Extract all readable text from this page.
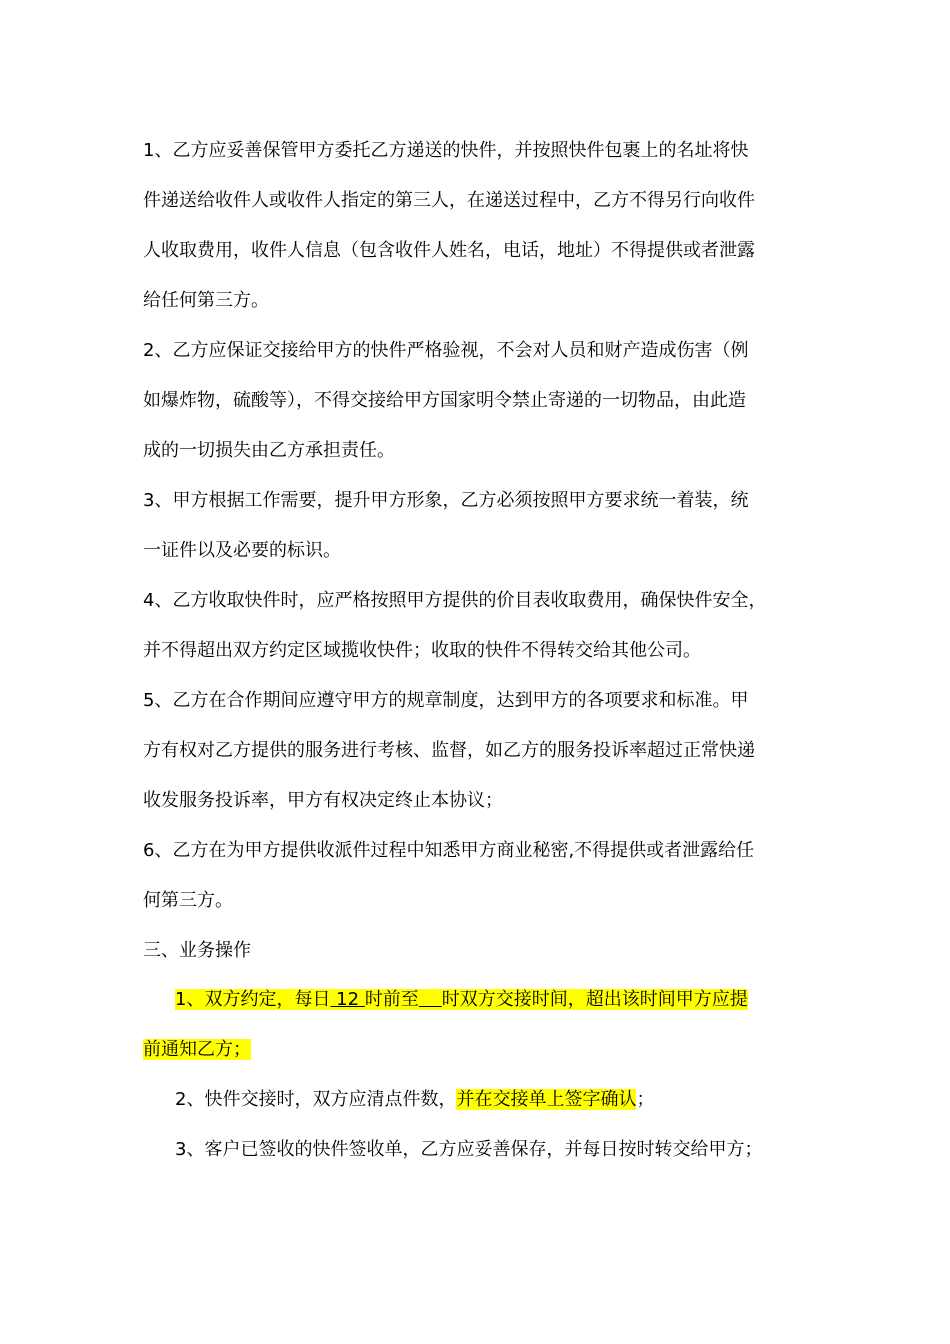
1、乙方应妥善保管甲方委托乙方递送的快件，并按照快件包裹上的名址将快
件递送给收件人或收件人指定的第三人，在递送过程中，乙方不得另行向收件
人收取费用，收件人信息（包含收件人姓名，电话，地址）不得提供或者泄露
给任何第三方。
2、乙方应保证交接给甲方的快件严格验视，不会对人员和财产造成伤害（例
如爆炸物，硫酸等），不得交接给甲方国家明令禁止寄递的一切物品，由此造
成的一切损失由乙方承担责任。
3、甲方根据工作需要，提升甲方形象，乙方必须按照甲方要求统一着装，统
一证件以及必要的标识。
4、乙方收取快件时，应严格按照甲方提供的价目表收取费用，确保快件安全，
并不得超出双方约定区域揽收快件；收取的快件不得转交给其他公司。
5、乙方在合作期间应遵守甲方的规章制度，达到甲方的各项要求和标准。甲
方有权对乙方提供的服务进行考核、监督，如乙方的服务投诉率超过正常快递
收发服务投诉率，甲方有权决定终止本协议；
6、乙方在为甲方提供收派件过程中知悉甲方商业秘密,不得提供或者泄露给任
何第三方。
三、业务操作
1、双方约定，每日 12 时前至 时双方交接时间，超出该时间甲方应提
前通知乙方；
2、快件交接时，双方应清点件数，并在交接单上签字确认；
3、客户已签收的快件签收单，乙方应妥善保存，并每日按时转交给甲方；
